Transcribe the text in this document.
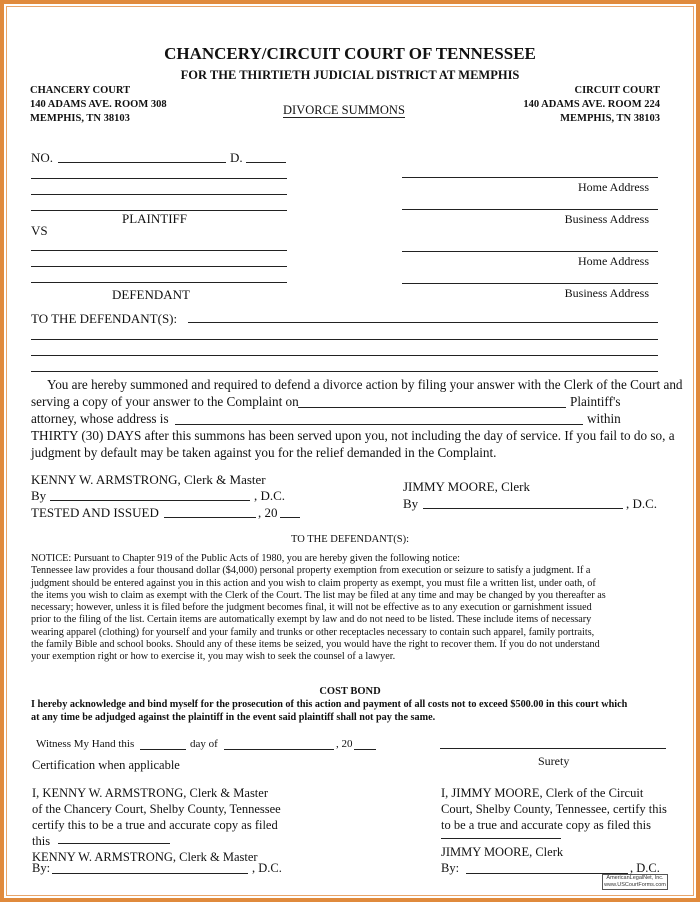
CHANCERY/CIRCUIT COURT OF TENNESSEE
FOR THE THIRTIETH JUDICIAL DISTRICT AT MEMPHIS
CHANCERY COURT
140 ADAMS AVE. ROOM 308
MEMPHIS, TN 38103
CIRCUIT COURT
140 ADAMS AVE. ROOM 224
MEMPHIS, TN 38103
DIVORCE SUMMONS
NO.	D.
PLAINTIFF
VS
DEFENDANT
Home Address
Business Address
Home Address
Business Address
TO THE DEFENDANT(S):
You are hereby summoned and required to defend a divorce action by filing your answer with the Clerk of the Court and
serving a copy of your answer to the Complaint on	Plaintiff's
attorney, whose address is	within
THIRTY (30) DAYS after this summons has been served upon you, not including the day of service. If you fail to do so, a
judgment by default may be taken against you for the relief demanded in the Complaint.
KENNY W. ARMSTRONG, Clerk & Master
By	, D.C.
TESTED AND ISSUED	, 20
JIMMY MOORE, Clerk
By	, D.C.
TO THE DEFENDANT(S):
NOTICE: Pursuant to Chapter 919 of the Public Acts of 1980, you are hereby given the following notice:
Tennessee law provides a four thousand dollar ($4,000) personal property exemption from execution or seizure to satisfy a judgment. If a
judgment should be entered against you in this action and you wish to claim property as exempt, you must file a written list, under oath, of
the items you wish to claim as exempt with the Clerk of the Court. The list may be filed at any time and may be changed by you thereafter as
necessary; however, unless it is filed before the judgment becomes final, it will not be effective as to any execution or garnishment issued
prior to the filing of the list. Certain items are automatically exempt by law and do not need to be listed. These include items of necessary
wearing apparel (clothing) for yourself and your family and trunks or other receptacles necessary to contain such apparel, family portraits,
the family Bible and school books. Should any of these items be seized, you would have the right to recover them. If you do not understand
your exemption right or how to exercise it, you may wish to seek the counsel of a lawyer.
COST BOND
I hereby acknowledge and bind myself for the prosecution of this action and payment of all costs not to exceed $500.00 in this court which
at any time be adjudged against the plaintiff in the event said plaintiff shall not pay the same.
Witness My Hand this	day of	, 20
Surety
Certification when applicable
I, KENNY W. ARMSTRONG, Clerk & Master
of the Chancery Court, Shelby County, Tennessee
certify this to be a true and accurate copy as filed
this
KENNY W. ARMSTRONG, Clerk & Master
By:	, D.C.
I, JIMMY MOORE, Clerk of the Circuit
Court, Shelby County, Tennessee, certify this
to be a true and accurate copy as filed this
JIMMY MOORE, Clerk
By:	, D.C.
AmericanLegalNet, Inc.
www.USCourtForms.com
